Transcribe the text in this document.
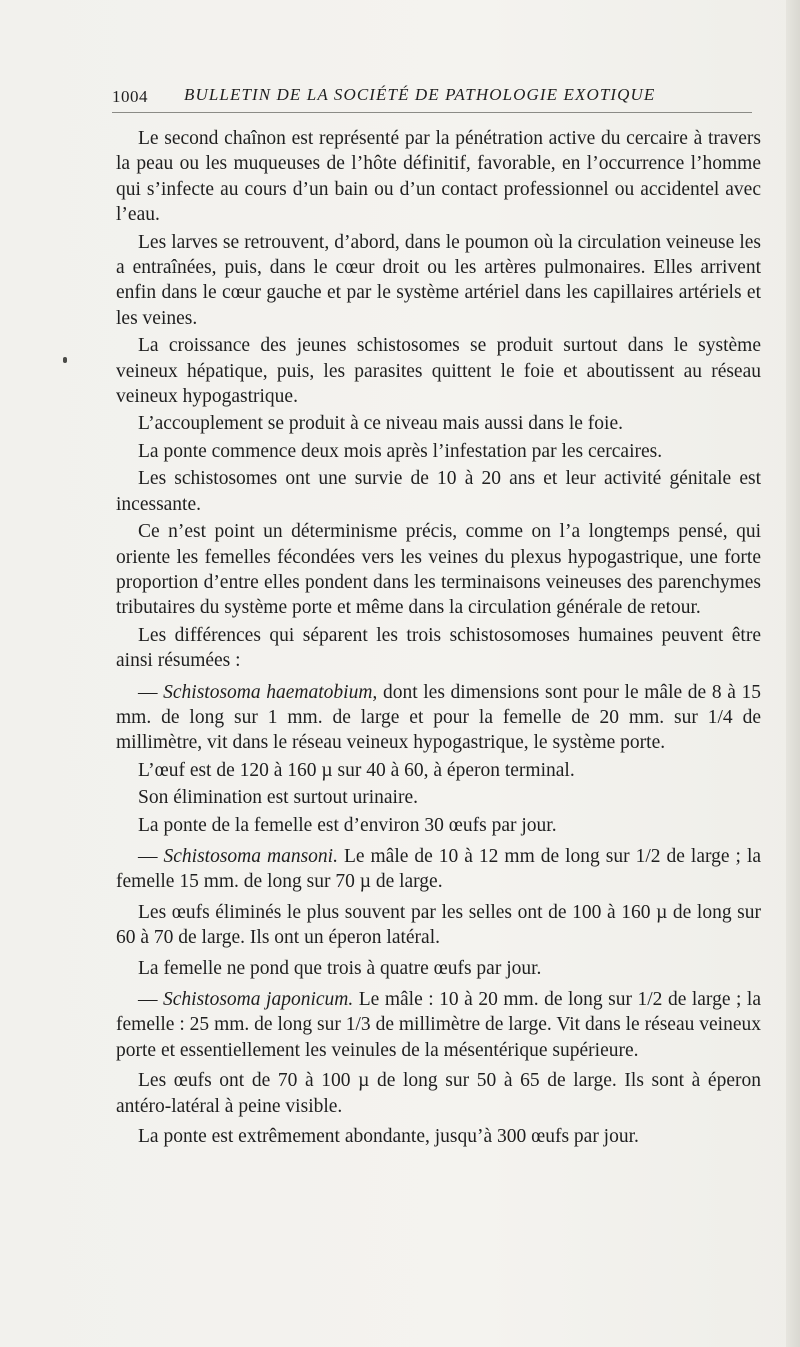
1004 BULLETIN DE LA SOCIÉTÉ DE PATHOLOGIE EXOTIQUE

Le second chaînon est représenté par la pénétration active du cercaire à travers la peau ou les muqueuses de l’hôte définitif, favorable, en l’occurrence l’homme qui s’infecte au cours d’un bain ou d’un contact professionnel ou accidentel avec l’eau.

Les larves se retrouvent, d’abord, dans le poumon où la circulation veineuse les a entraînées, puis, dans le cœur droit ou les artères pulmonaires. Elles arrivent enfin dans le cœur gauche et par le système artériel dans les capillaires artériels et les veines.

La croissance des jeunes schistosomes se produit surtout dans le système veineux hépatique, puis, les parasites quittent le foie et aboutissent au réseau veineux hypogastrique.

L’accouplement se produit à ce niveau mais aussi dans le foie.

La ponte commence deux mois après l’infestation par les cercaires.

Les schistosomes ont une survie de 10 à 20 ans et leur activité génitale est incessante.

Ce n’est point un déterminisme précis, comme on l’a longtemps pensé, qui oriente les femelles fécondées vers les veines du plexus hypogastrique, une forte proportion d’entre elles pondent dans les terminaisons veineuses des parenchymes tributaires du système porte et même dans la circulation générale de retour.

Les différences qui séparent les trois schistosomoses humaines peuvent être ainsi résumées :

— Schistosoma haematobium, dont les dimensions sont pour le mâle de 8 à 15 mm. de long sur 1 mm. de large et pour la femelle de 20 mm. sur 1/4 de millimètre, vit dans le réseau veineux hypogastrique, le système porte.

L’œuf est de 120 à 160 µ sur 40 à 60, à éperon terminal.

Son élimination est surtout urinaire.

La ponte de la femelle est d’environ 30 œufs par jour.

— Schistosoma mansoni. Le mâle de 10 à 12 mm de long sur 1/2 de large ; la femelle 15 mm. de long sur 70 µ de large.

Les œufs éliminés le plus souvent par les selles ont de 100 à 160 µ de long sur 60 à 70 de large. Ils ont un éperon latéral.

La femelle ne pond que trois à quatre œufs par jour.

— Schistosoma japonicum. Le mâle : 10 à 20 mm. de long sur 1/2 de large ; la femelle : 25 mm. de long sur 1/3 de millimètre de large. Vit dans le réseau veineux porte et essentiellement les veinules de la mésentérique supérieure.

Les œufs ont de 70 à 100 µ de long sur 50 à 65 de large. Ils sont à éperon antéro-latéral à peine visible.

La ponte est extrêmement abondante, jusqu’à 300 œufs par jour.
